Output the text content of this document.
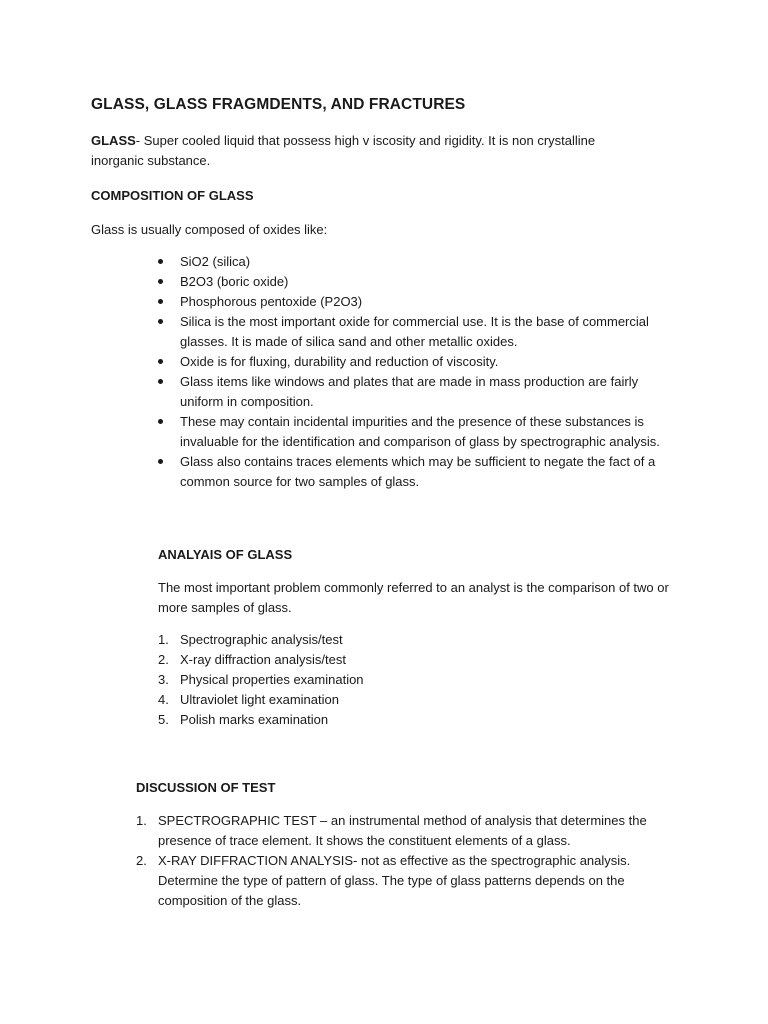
GLASS, GLASS FRAGMDENTS, AND FRACTURES
GLASS- Super cooled liquid that possess high v iscosity and rigidity. It is non crystalline inorganic substance.
COMPOSITION OF GLASS
Glass is usually composed of oxides like:
SiO2 (silica)
B2O3 (boric oxide)
Phosphorous pentoxide (P2O3)
Silica is the most important oxide for commercial use. It is the base of commercial glasses. It is made of silica sand and other metallic oxides.
Oxide is for fluxing, durability and reduction of viscosity.
Glass items like windows and plates that are made in mass production are fairly uniform in composition.
These may contain incidental impurities and the presence of these substances is invaluable for the identification and comparison of glass by spectrographic analysis.
Glass also contains traces elements which may be sufficient to negate the fact of a common source for two samples of glass.
ANALYAIS OF GLASS
The most important problem commonly referred to an analyst is the comparison of two or more samples of glass.
1. Spectrographic analysis/test
2. X-ray diffraction analysis/test
3. Physical properties examination
4. Ultraviolet light examination
5. Polish marks examination
DISCUSSION OF TEST
1. SPECTROGRAPHIC TEST – an instrumental method of analysis that determines the presence of trace element. It shows the constituent elements of a glass.
2. X-RAY DIFFRACTION ANALYSIS- not as effective as the spectrographic analysis.
Determine the type of pattern of glass. The type of glass patterns depends on the composition of the glass.
